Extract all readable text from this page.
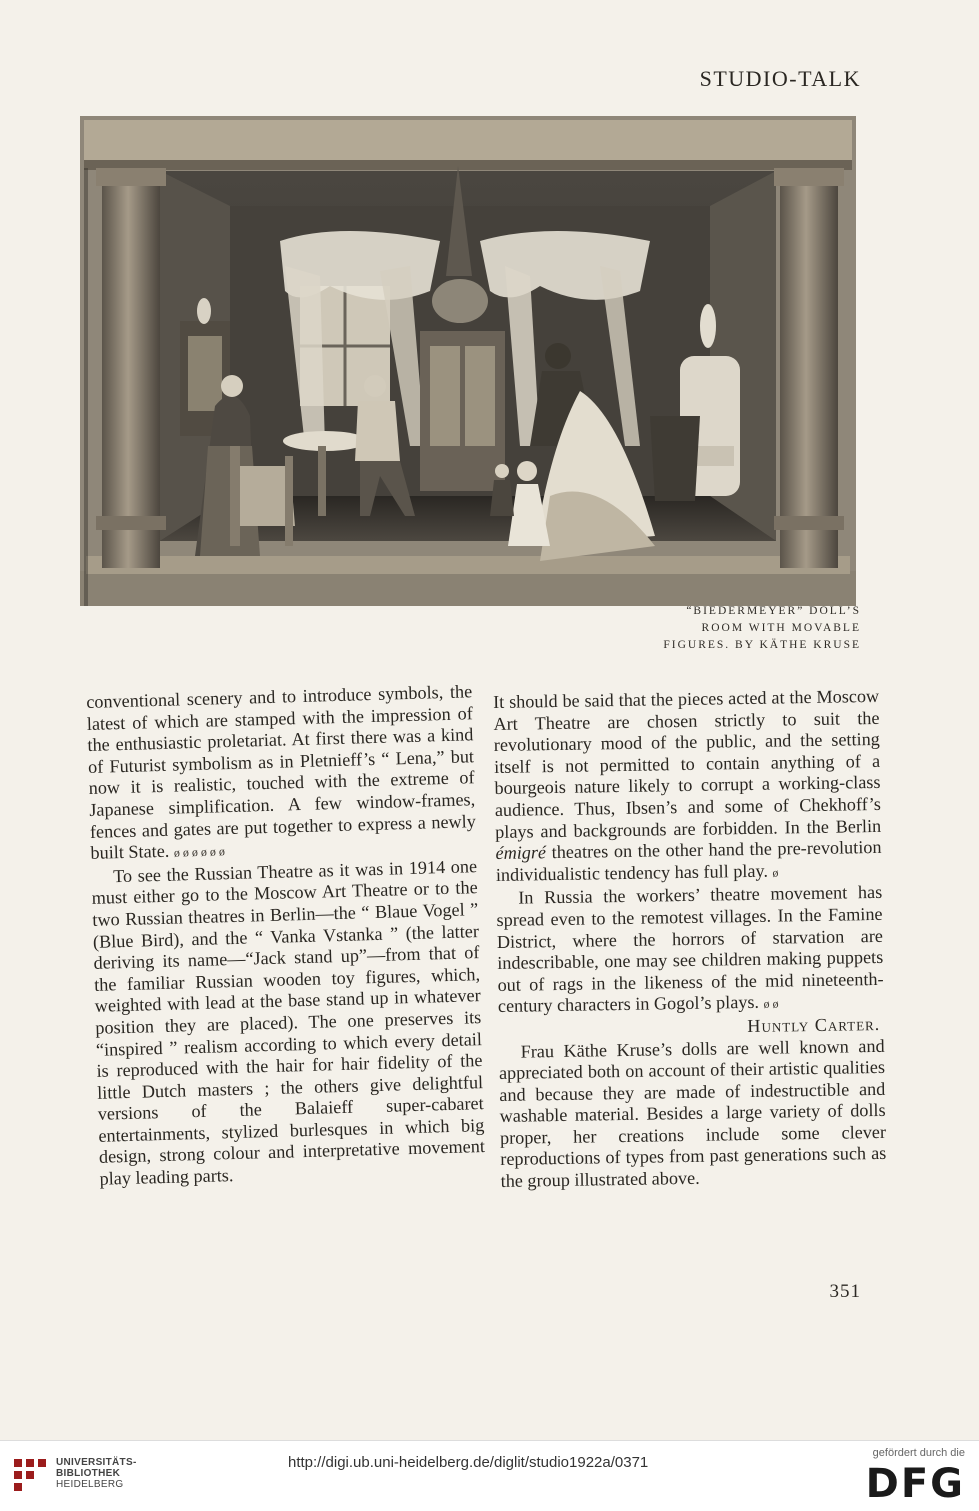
STUDIO-TALK
“BIEDERMEYER” DOLL’S
ROOM WITH MOVABLE
FIGURES. BY KÄTHE KRUSE

conventional scenery and to introduce symbols, the latest of which are stamped with the impression of the enthusiastic proletariat. At first there was a kind of Futurist symbolism as in Pletnieff’s “ Lena,” but now it is realistic, touched with the extreme of Japanese simplification. A few window-frames, fences and gates are put together to express a newly built State. ø ø ø ø ø ø

To see the Russian Theatre as it was in 1914 one must either go to the Moscow Art Theatre or to the two Russian theatres in Berlin—the “ Blaue Vogel ” (Blue Bird), and the “ Vanka Vstanka ” (the latter deriving its name—“Jack stand up”—from that of the familiar Russian wooden toy figures, which, weighted with lead at the base stand up in whatever position they are placed). The one preserves its “inspired ” realism according to which every detail is reproduced with the hair for hair fidelity of the little Dutch masters ; the others give delightful versions of the Balaieff super-cabaret entertainments, stylized burlesques in which big design, strong colour and interpretative movement play leading parts.

It should be said that the pieces acted at the Moscow Art Theatre are chosen strictly to suit the revolutionary mood of the public, and the setting itself is not permitted to contain anything of a bourgeois nature likely to corrupt a working-class audience. Thus, Ibsen’s and some of Chekhoff’s plays and backgrounds are forbidden. In the Berlin émigré theatres on the other hand the pre-revolution individualistic tendency has full play. ø

In Russia the workers’ theatre movement has spread even to the remotest villages. In the Famine District, where the horrors of starvation are indescribable, one may see children making puppets out of rags in the likeness of the mid nineteenth-century characters in Gogol’s plays. ø ø

Huntly Carter.

Frau Käthe Kruse’s dolls are well known and appreciated both on account of their artistic qualities and because they are made of indestructible and washable material. Besides a large variety of dolls proper, her creations include some clever reproductions of types from past generations such as the group illustrated above.

351
UNIVERSITÄTS-
BIBLIOTHEK
HEIDELBERG
http://digi.ub.uni-heidelberg.de/diglit/studio1922a/0371
gefördert durch die
DFG
